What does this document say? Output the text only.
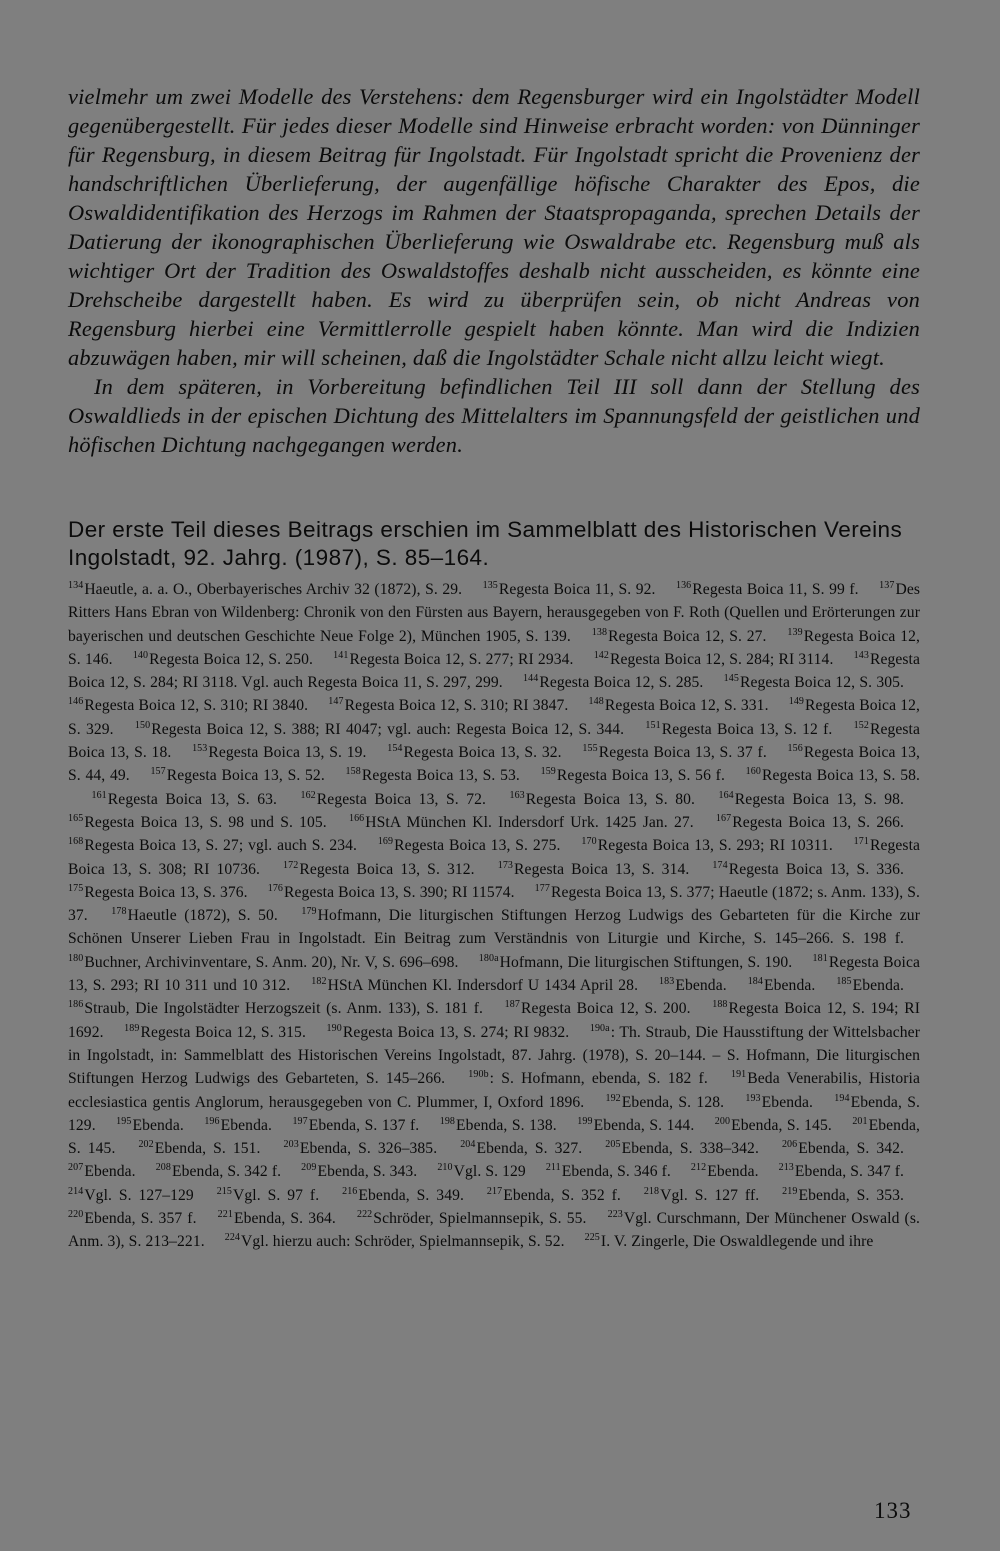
vielmehr um zwei Modelle des Verstehens: dem Regensburger wird ein Ingolstädter Modell gegenübergestellt. Für jedes dieser Modelle sind Hinweise erbracht worden: von Dünninger für Regensburg, in diesem Beitrag für Ingolstadt. Für Ingolstadt spricht die Provenienz der handschriftlichen Überlieferung, der augenfällige höfische Charakter des Epos, die Oswaldidentifikation des Herzogs im Rahmen der Staatspropaganda, sprechen Details der Datierung der ikonographischen Überlieferung wie Oswaldrabe etc. Regensburg muß als wichtiger Ort der Tradition des Oswaldstoffes deshalb nicht ausscheiden, es könnte eine Drehscheibe dargestellt haben. Es wird zu überprüfen sein, ob nicht Andreas von Regensburg hierbei eine Vermittlerrolle gespielt haben könnte. Man wird die Indizien abzuwägen haben, mir will scheinen, daß die Ingolstädter Schale nicht allzu leicht wiegt.

In dem späteren, in Vorbereitung befindlichen Teil III soll dann der Stellung des Oswaldlieds in der epischen Dichtung des Mittelalters im Spannungsfeld der geistlichen und höfischen Dichtung nachgegangen werden.

Der erste Teil dieses Beitrags erschien im Sammelblatt des Historischen Vereins Ingolstadt, 92. Jahrg. (1987), S. 85–164.
$^{134}$Haeutle, a. a. O., Oberbayerisches Archiv 32 (1872), S. 29. $^{135}$Regesta Boica 11, S. 92. $^{136}$Regesta Boica 11, S. 99 f. $^{137}$Des Ritters Hans Ebran von Wildenberg: Chronik von den Fürsten aus Bayern, herausgegeben von F. Roth (Quellen und Erörterungen zur bayerischen und deutschen Geschichte Neue Folge 2), München 1905, S. 139. $^{138}$Regesta Boica 12, S. 27. $^{139}$Regesta Boica 12, S. 146. $^{140}$Regesta Boica 12, S. 250. $^{141}$Regesta Boica 12, S. 277; RI 2934. $^{142}$Regesta Boica 12, S. 284; RI 3114. $^{143}$Regesta Boica 12, S. 284; RI 3118. Vgl. auch Regesta Boica 11, S. 297, 299. $^{144}$Regesta Boica 12, S. 285. $^{145}$Regesta Boica 12, S. 305. $^{146}$Regesta Boica 12, S. 310; RI 3840. $^{147}$Regesta Boica 12, S. 310; RI 3847. $^{148}$Regesta Boica 12, S. 331. $^{149}$Regesta Boica 12, S. 329. $^{150}$Regesta Boica 12, S. 388; RI 4047; vgl. auch: Regesta Boica 12, S. 344. $^{151}$Regesta Boica 13, S. 12 f. $^{152}$Regesta Boica 13, S. 18. $^{153}$Regesta Boica 13, S. 19. $^{154}$Regesta Boica 13, S. 32. $^{155}$Regesta Boica 13, S. 37 f. $^{156}$Regesta Boica 13, S. 44, 49. $^{157}$Regesta Boica 13, S. 52. $^{158}$Regesta Boica 13, S. 53. $^{159}$Regesta Boica 13, S. 56 f. $^{160}$Regesta Boica 13, S. 58. $^{161}$Regesta Boica 13, S. 63. $^{162}$Regesta Boica 13, S. 72. $^{163}$Regesta Boica 13, S. 80. $^{164}$Regesta Boica 13, S. 98. $^{165}$Regesta Boica 13, S. 98 und S. 105. $^{166}$HStA München Kl. Indersdorf Urk. 1425 Jan. 27. $^{167}$Regesta Boica 13, S. 266. $^{168}$Regesta Boica 13, S. 27; vgl. auch S. 234. $^{169}$Regesta Boica 13, S. 275. $^{170}$Regesta Boica 13, S. 293; RI 10311. $^{171}$Regesta Boica 13, S. 308; RI 10736. $^{172}$Regesta Boica 13, S. 312. $^{173}$Regesta Boica 13, S. 314. $^{174}$Regesta Boica 13, S. 336. $^{175}$Regesta Boica 13, S. 376. $^{176}$Regesta Boica 13, S. 390; RI 11574. $^{177}$Regesta Boica 13, S. 377; Haeutle (1872; s. Anm. 133), S. 37. $^{178}$Haeutle (1872), S. 50. $^{179}$Hofmann, Die liturgischen Stiftungen Herzog Ludwigs des Gebarteten für die Kirche zur Schönen Unserer Lieben Frau in Ingolstadt. Ein Beitrag zum Verständnis von Liturgie und Kirche, S. 145–266. S. 198 f. $^{180}$Buchner, Archivinventare, S. Anm. 20), Nr. V, S. 696–698. $^{180a}$Hofmann, Die liturgischen Stiftungen, S. 190. $^{181}$Regesta Boica 13, S. 293; RI 10 311 und 10 312. $^{182}$HStA München Kl. Indersdorf U 1434 April 28. $^{183}$Ebenda. $^{184}$Ebenda. $^{185}$Ebenda. $^{186}$Straub, Die Ingolstädter Herzogszeit (s. Anm. 133), S. 181 f. $^{187}$Regesta Boica 12, S. 200. $^{188}$Regesta Boica 12, S. 194; RI 1692. $^{189}$Regesta Boica 12, S. 315. $^{190}$Regesta Boica 13, S. 274; RI 9832. $^{190a}$: Th. Straub, Die Hausstiftung der Wittelsbacher in Ingolstadt, in: Sammelblatt des Historischen Vereins Ingolstadt, 87. Jahrg. (1978), S. 20–144. – S. Hofmann, Die liturgischen Stiftungen Herzog Ludwigs des Gebarteten, S. 145–266. $^{190b}$: S. Hofmann, ebenda, S. 182 f. $^{191}$Beda Venerabilis, Historia ecclesiastica gentis Anglorum, herausgegeben von C. Plummer, I, Oxford 1896. $^{192}$Ebenda, S. 128. $^{193}$Ebenda. $^{194}$Ebenda, S. 129. $^{195}$Ebenda. $^{196}$Ebenda. $^{197}$Ebenda, S. 137 f. $^{198}$Ebenda, S. 138. $^{199}$Ebenda, S. 144. $^{200}$Ebenda, S. 145. $^{201}$Ebenda, S. 145. $^{202}$Ebenda, S. 151. $^{203}$Ebenda, S. 326–385. $^{204}$Ebenda, S. 327. $^{205}$Ebenda, S. 338–342. $^{206}$Ebenda, S. 342. $^{207}$Ebenda. $^{208}$Ebenda, S. 342 f. $^{209}$Ebenda, S. 343. $^{210}$Vgl. S. 129 $^{211}$Ebenda, S. 346 f. $^{212}$Ebenda. $^{213}$Ebenda, S. 347 f. $^{214}$Vgl. S. 127–129 $^{215}$Vgl. S. 97 f. $^{216}$Ebenda, S. 349. $^{217}$Ebenda, S. 352 f. $^{218}$Vgl. S. 127 ff. $^{219}$Ebenda, S. 353. $^{220}$Ebenda, S. 357 f. $^{221}$Ebenda, S. 364. $^{222}$Schröder, Spielmannsepik, S. 55. $^{223}$Vgl. Curschmann, Der Münchener Oswald (s. Anm. 3), S. 213–221. $^{224}$Vgl. hierzu auch: Schröder, Spielmannsepik, S. 52. $^{225}$I. V. Zingerle, Die Oswaldlegende und ihre
133
